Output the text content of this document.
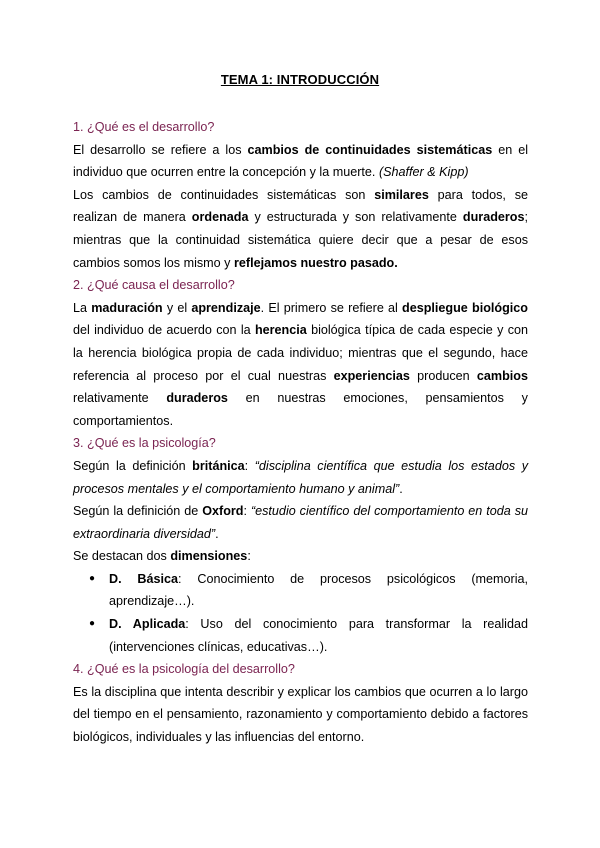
TEMA 1: INTRODUCCIÓN
1. ¿Qué es el desarrollo?

El desarrollo se refiere a los cambios de continuidades sistemáticas en el individuo que ocurren entre la concepción y la muerte. (Shaffer & Kipp)

Los cambios de continuidades sistemáticas son similares para todos, se realizan de manera ordenada y estructurada y son relativamente duraderos; mientras que la continuidad sistemática quiere decir que a pesar de esos cambios somos los mismo y reflejamos nuestro pasado.

2. ¿Qué causa el desarrollo?

La maduración y el aprendizaje. El primero se refiere al despliegue biológico del individuo de acuerdo con la herencia biológica típica de cada especie y con la herencia biológica propia de cada individuo; mientras que el segundo, hace referencia al proceso por el cual nuestras experiencias producen cambios relativamente duraderos en nuestras emociones, pensamientos y comportamientos.

3. ¿Qué es la psicología?

Según la definición británica: “disciplina científica que estudia los estados y procesos mentales y el comportamiento humano y animal”.

Según la definición de Oxford: “estudio científico del comportamiento en toda su extraordinaria diversidad”.

Se destacan dos dimensiones:

● D. Básica: Conocimiento de procesos psicológicos (memoria, aprendizaje…).
● D. Aplicada: Uso del conocimiento para transformar la realidad (intervenciones clínicas, educativas…).
4. ¿Qué es la psicología del desarrollo?

Es la disciplina que intenta describir y explicar los cambios que ocurren a lo largo del tiempo en el pensamiento, razonamiento y comportamiento debido a factores biológicos, individuales y las influencias del entorno.
